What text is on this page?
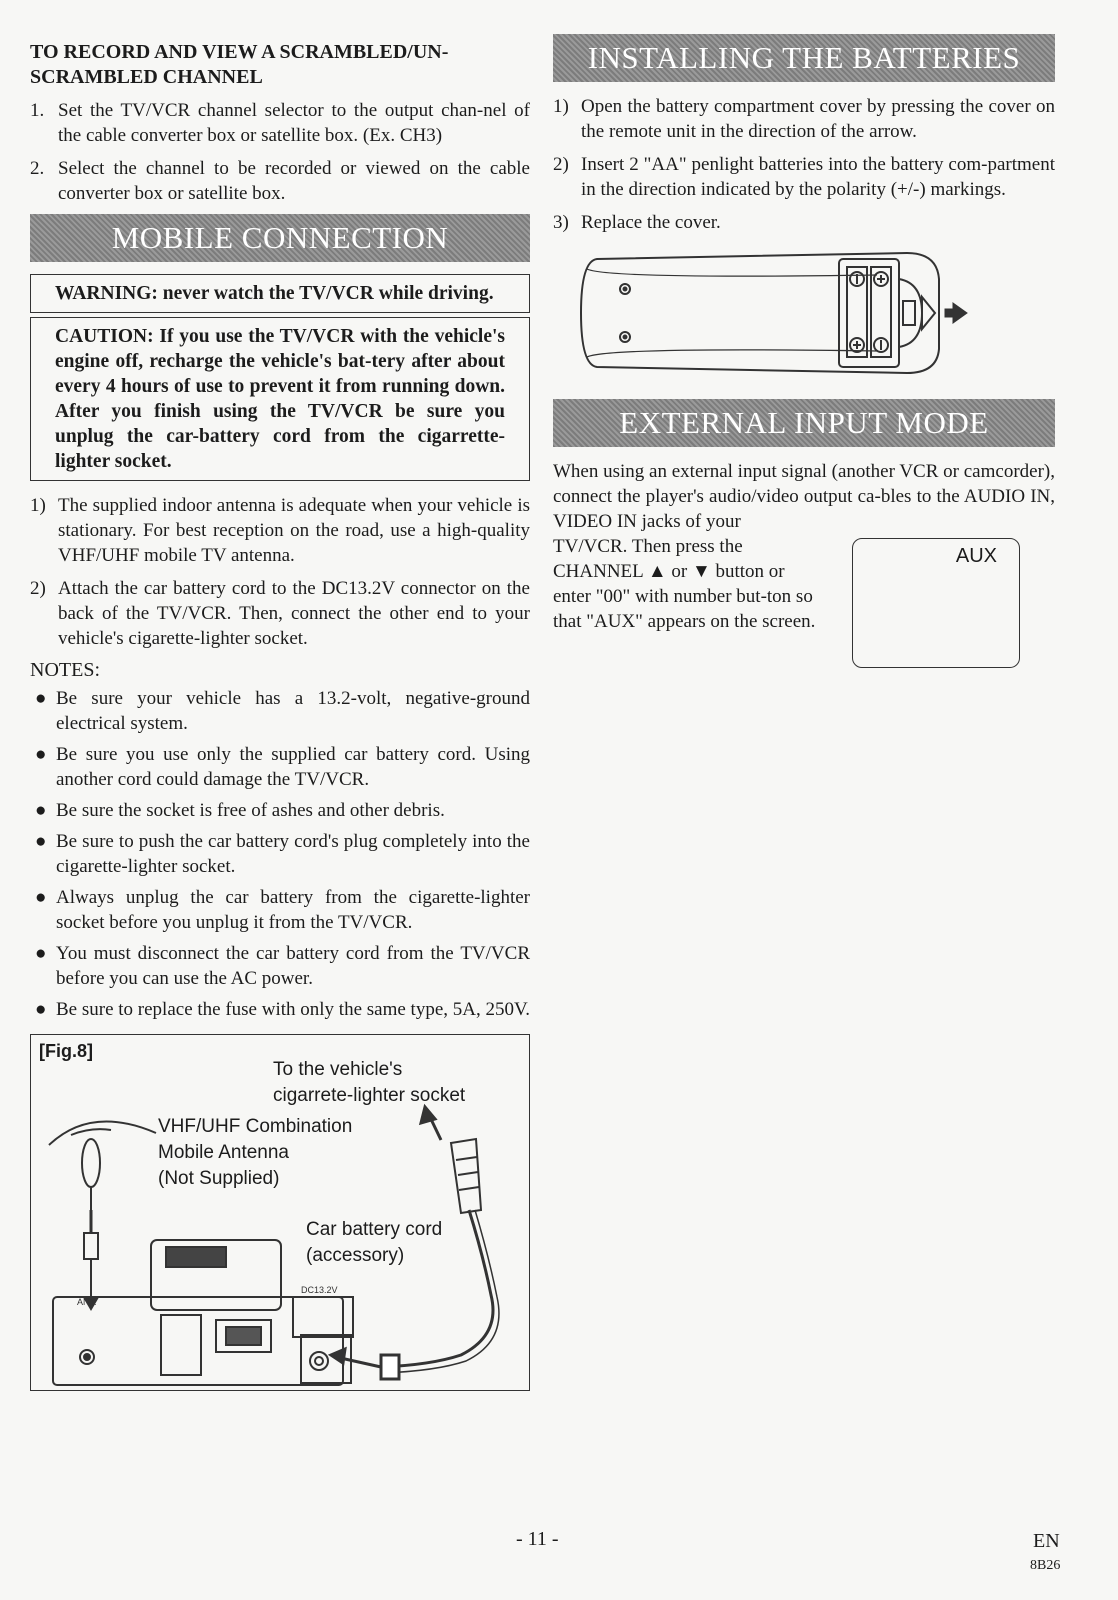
TO RECORD AND VIEW A SCRAMBLED/UN-SCRAMBLED CHANNEL
1. Set the TV/VCR channel selector to the output chan-nel of the cable converter box or satellite box. (Ex. CH3)
2. Select the channel to be recorded or viewed on the cable converter box or satellite box.
MOBILE CONNECTION
WARNING: never watch the TV/VCR while driving.
CAUTION: If you use the TV/VCR with the vehicle's engine off, recharge the vehicle's bat-tery after about every 4 hours of use to prevent it from running down. After you finish using the TV/VCR be sure you unplug the car-battery cord from the cigarrette-lighter socket.
1) The supplied indoor antenna is adequate when your vehicle is stationary. For best reception on the road, use a high-quality VHF/UHF mobile TV antenna.
2) Attach the car battery cord to the DC13.2V connector on the back of the TV/VCR. Then, connect the other end to your vehicle's cigarette-lighter socket.
NOTES:
● Be sure your vehicle has a 13.2-volt, negative-ground electrical system.
● Be sure you use only the supplied car battery cord. Using another cord could damage the TV/VCR.
● Be sure the socket is free of ashes and other debris.
● Be sure to push the car battery cord's plug completely into the cigarette-lighter socket.
● Always unplug the car battery from the cigarette-lighter socket before you unplug it from the TV/VCR.
● You must disconnect the car battery cord from the TV/VCR before you can use the AC power.
● Be sure to replace the fuse with only the same type, 5A, 250V.
DC13.2V
ANT.
[Fig.8]
To the vehicle's
cigarrete-lighter socket
VHF/UHF Combination
Mobile Antenna
(Not Supplied)
Car battery cord
(accessory)
INSTALLING THE BATTERIES
1) Open the battery compartment cover by pressing the cover on the remote unit in the direction of the arrow.
2) Insert 2 "AA" penlight batteries into the battery com-partment in the direction indicated by the polarity (+/-) markings.
3) Replace the cover.
EXTERNAL INPUT MODE
When using an external input signal (another VCR or camcorder), connect the player's audio/video output ca-bles to the AUDIO IN, VIDEO IN jacks of your
TV/VCR. Then press the CHANNEL ▲ or ▼ button or enter "00" with number but-ton so that "AUX" appears on the screen.
AUX
- 11 -	EN
8B26
